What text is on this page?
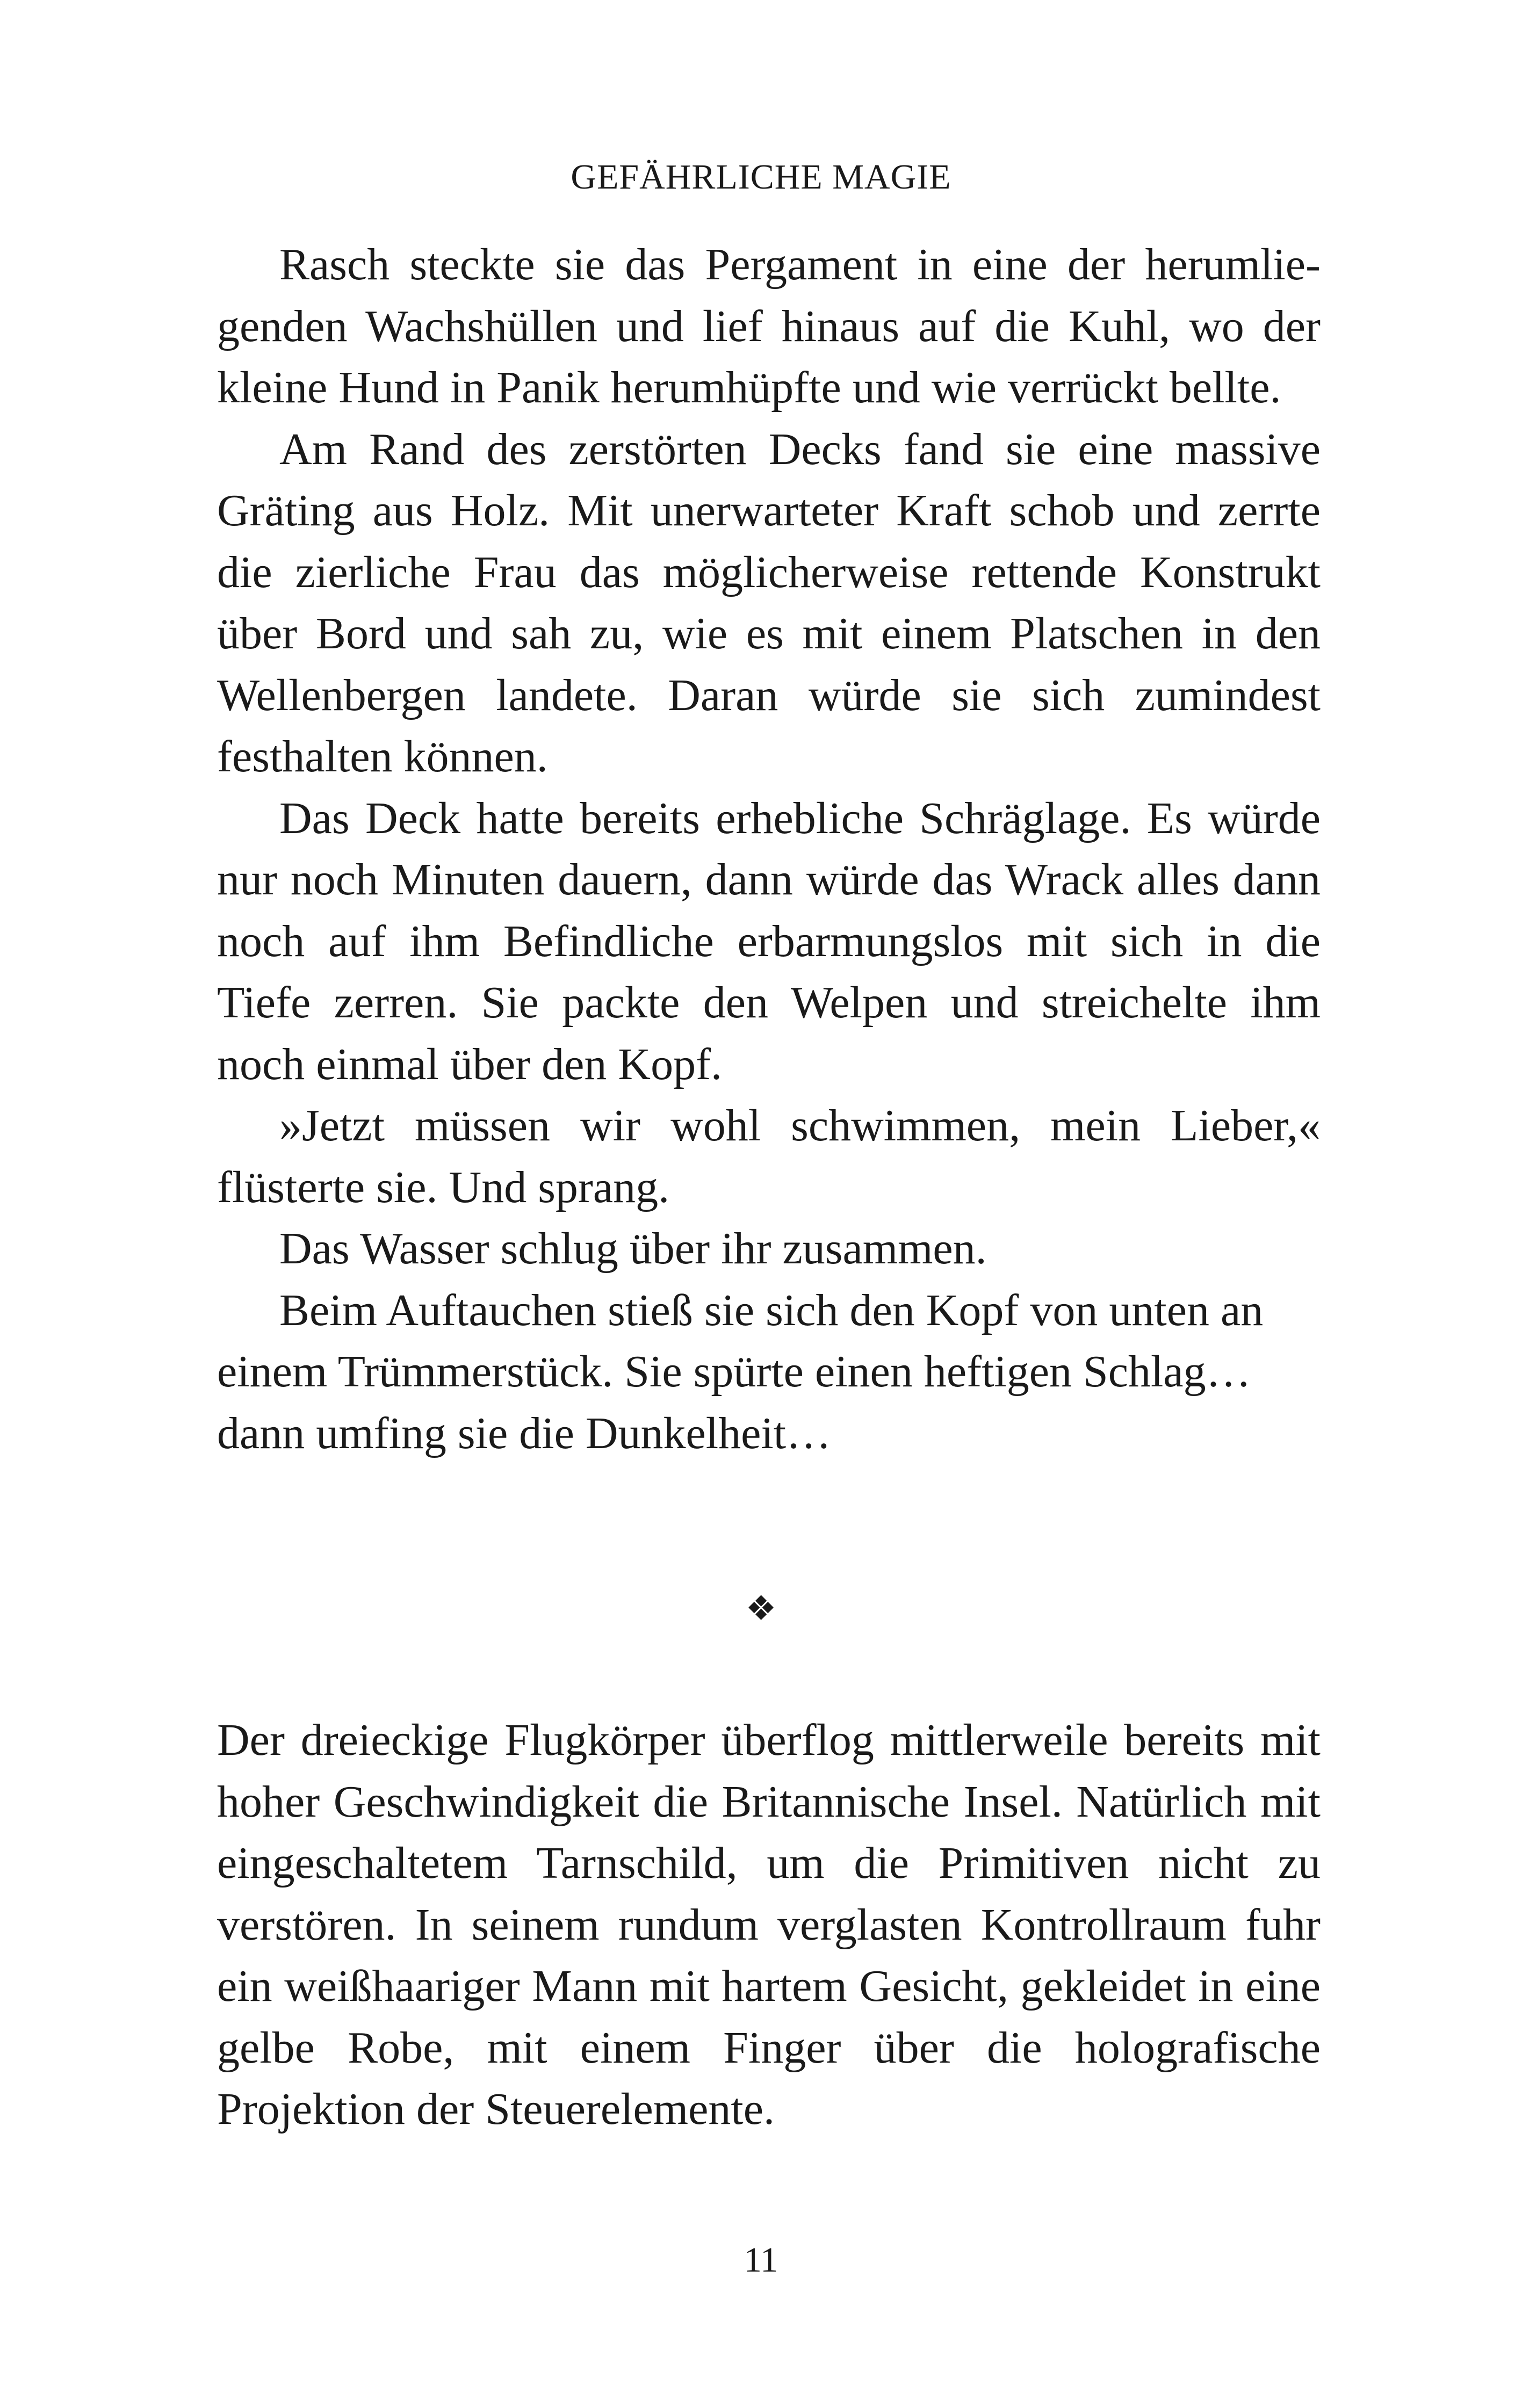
GEFÄHRLICHE MAGIE

Rasch steckte sie das Pergament in eine der herumliegenden Wachshüllen und lief hinaus auf die Kuhl, wo der kleine Hund in Panik herumhüpfte und wie verrückt bellte.

Am Rand des zerstörten Decks fand sie eine massive Gräting aus Holz. Mit unerwarteter Kraft schob und zerrte die zierliche Frau das möglicherweise rettende Konstrukt über Bord und sah zu, wie es mit einem Platschen in den Wellenbergen landete. Daran würde sie sich zumindest festhalten können.

Das Deck hatte bereits erhebliche Schräglage. Es würde nur noch Minuten dauern, dann würde das Wrack alles dann noch auf ihm Befindliche erbarmungslos mit sich in die Tiefe zerren. Sie packte den Welpen und streichelte ihm noch einmal über den Kopf.

»Jetzt müssen wir wohl schwimmen, mein Lieber,« flüsterte sie. Und sprang.

Das Wasser schlug über ihr zusammen.

Beim Auftauchen stieß sie sich den Kopf von unten an einem Trümmerstück. Sie spürte einen heftigen Schlag… dann umfing sie die Dunkelheit…

❖

Der dreieckige Flugkörper überflog mittlerweile bereits mit hoher Geschwindigkeit die Britannische Insel. Natürlich mit eingeschaltetem Tarnschild, um die Primitiven nicht zu verstören. In seinem rundum verglasten Kontrollraum fuhr ein weißhaariger Mann mit hartem Gesicht, gekleidet in eine gelbe Robe, mit einem Finger über die holografische Projektion der Steuerelemente.

11
